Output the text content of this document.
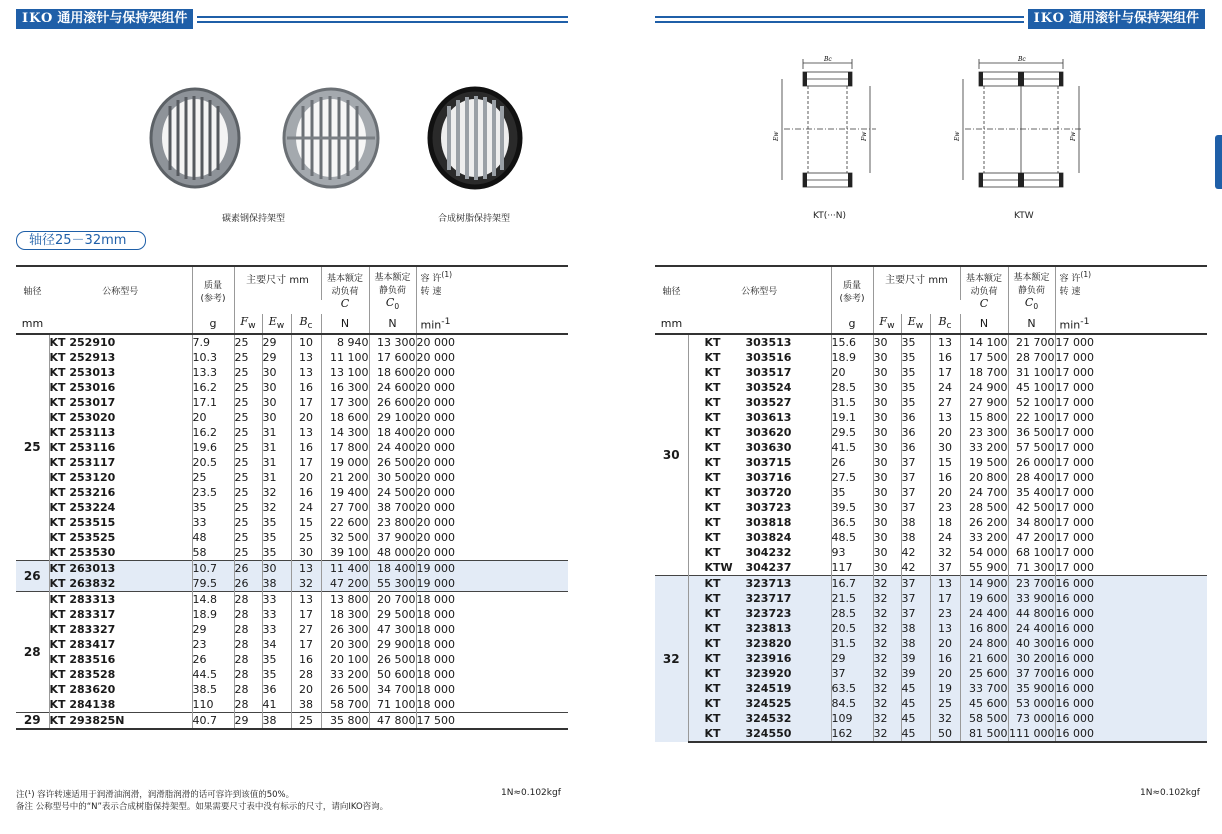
IKO 通用滚针与保持架组件	IKO 通用滚针与保持架组件
碳素钢保持架型	合成树脂保持架型
Bᴄ
Eᴡ	Fᴡ
Bᴄ
Eᴡ	Fᴡ
KT(···N)	KTW
轴径25－32mm
轴径	公称型号	质量
(参考)	主要尺寸 mm			基本额定
动负荷
C	基本额定
静负荷
$C_0$	容 许$^{(1)}$
转 速

mm		g	$F_w$	$E_w$	$B_c$	N	N	$\min^{-1}$
25	KT 252910	7.9	25	29	10	8 940	13 300	20 000
	KT 252913	10.3	25	29	13	11 100	17 600	20 000
	KT 253013	13.3	25	30	13	13 100	18 600	20 000
	KT 253016	16.2	25	30	16	16 300	24 600	20 000
	KT 253017	17.1	25	30	17	17 300	26 600	20 000
	KT 253020	20	25	30	20	18 600	29 100	20 000
	KT 253113	16.2	25	31	13	14 300	18 400	20 000
	KT 253116	19.6	25	31	16	17 800	24 400	20 000
	KT 253117	20.5	25	31	17	19 000	26 500	20 000
	KT 253120	25	25	31	20	21 200	30 500	20 000
	KT 253216	23.5	25	32	16	19 400	24 500	20 000
	KT 253224	35	25	32	24	27 700	38 700	20 000
	KT 253515	33	25	35	15	22 600	23 800	20 000
	KT 253525	48	25	35	25	32 500	37 900	20 000
	KT 253530	58	25	35	30	39 100	48 000	20 000
26	KT 263013	10.7	26	30	13	11 400	18 400	19 000
	KT 263832	79.5	26	38	32	47 200	55 300	19 000
28	KT 283313	14.8	28	33	13	13 800	20 700	18 000
	KT 283317	18.9	28	33	17	18 300	29 500	18 000
	KT 283327	29	28	33	27	26 300	47 300	18 000
	KT 283417	23	28	34	17	20 300	29 900	18 000
	KT 283516	26	28	35	16	20 100	26 500	18 000
	KT 283528	44.5	28	35	28	33 200	50 600	18 000
	KT 283620	38.5	28	36	20	26 500	34 700	18 000
	KT 284138	110	28	41	38	58 700	71 100	18 000
29	KT 293825N	40.7	29	38	25	35 800	47 800	17 500
轴径	公称型号	质量
(参考)	主要尺寸 mm			基本额定
动负荷
C	基本额定
静负荷
$C_0$	容 许$^{(1)}$
转 速

mm		g	$F_w$	$E_w$	$B_c$	N	N	$\min^{-1}$
30	KT 303513	15.6	30	35	13	14 100	21 700	17 000
	KT 303516	18.9	30	35	16	17 500	28 700	17 000
	KT 303517	20	30	35	17	18 700	31 100	17 000
	KT 303524	28.5	30	35	24	24 900	45 100	17 000
	KT 303527	31.5	30	35	27	27 900	52 100	17 000
	KT 303613	19.1	30	36	13	15 800	22 100	17 000
	KT 303620	29.5	30	36	20	23 300	36 500	17 000
	KT 303630	41.5	30	36	30	33 200	57 500	17 000
	KT 303715	26	30	37	15	19 500	26 000	17 000
	KT 303716	27.5	30	37	16	20 800	28 400	17 000
	KT 303720	35	30	37	20	24 700	35 400	17 000
	KT 303723	39.5	30	37	23	28 500	42 500	17 000
	KT 303818	36.5	30	38	18	26 200	34 800	17 000
	KT 303824	48.5	30	38	24	33 200	47 200	17 000
	KT 304232	93	30	42	32	54 000	68 100	17 000
	KTW 304237	117	30	42	37	55 900	71 300	17 000
32	KT 323713	16.7	32	37	13	14 900	23 700	16 000
	KT 323717	21.5	32	37	17	19 600	33 900	16 000
	KT 323723	28.5	32	37	23	24 400	44 800	16 000
	KT 323813	20.5	32	38	13	16 800	24 400	16 000
	KT 323820	31.5	32	38	20	24 800	40 300	16 000
	KT 323916	29	32	39	16	21 600	30 200	16 000
	KT 323920	37	32	39	20	25 600	37 700	16 000
	KT 324519	63.5	32	45	19	33 700	35 900	16 000
	KT 324525	84.5	32	45	25	45 600	53 000	16 000
	KT 324532	109	32	45	32	58 500	73 000	16 000
	KT 324550	162	32	45	50	81 500	111 000	16 000
注(¹) 容许转速适用于润滑油润滑，润滑脂润滑的话可容许到该值的50%。
备注 公称型号中的“N”表示合成树脂保持架型。如果需要尺寸表中没有标示的尺寸，请向IKO咨询。
1N≈0.102kgf	1N≈0.102kgf
